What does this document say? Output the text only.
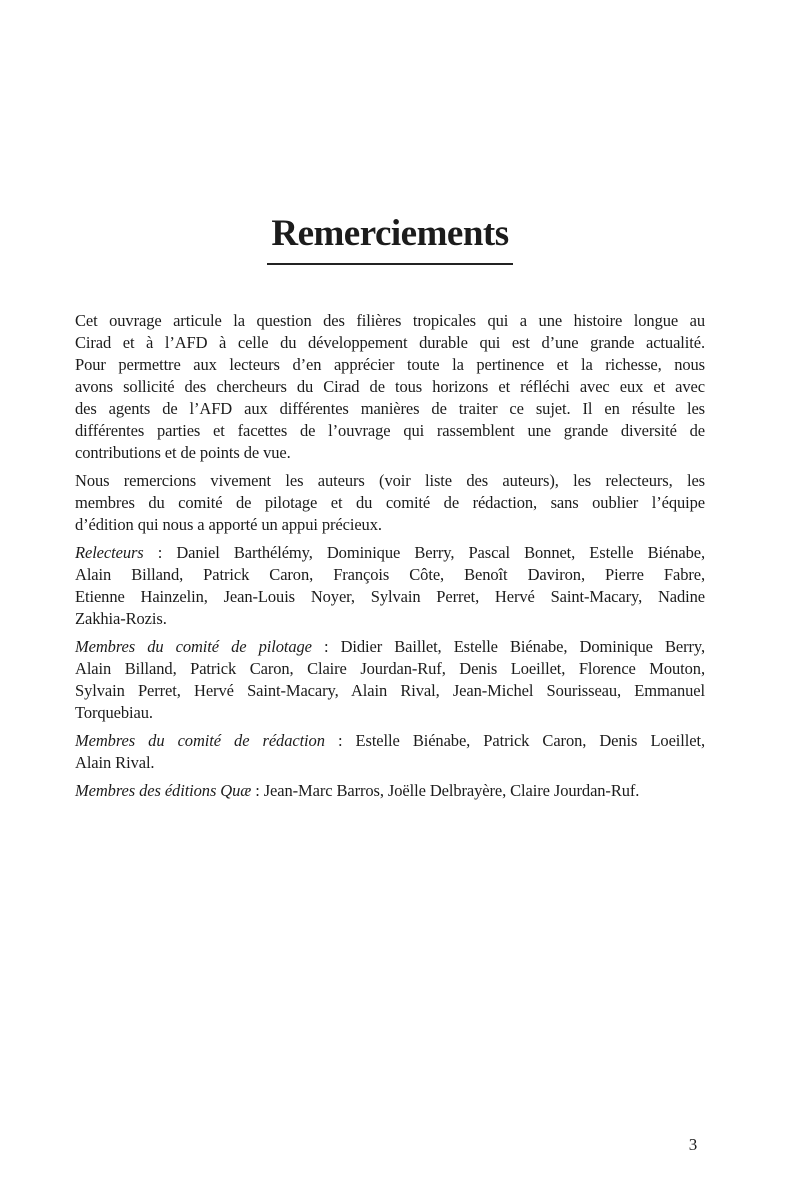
Remerciements
Cet ouvrage articule la question des filières tropicales qui a une histoire longue au
Cirad et à l’AFD à celle du développement durable qui est d’une grande actualité.
Pour permettre aux lecteurs d’en apprécier toute la pertinence et la richesse, nous
avons sollicité des chercheurs du Cirad de tous horizons et réfléchi avec eux et avec
des agents de l’AFD aux différentes manières de traiter ce sujet. Il en résulte les
différentes parties et facettes de l’ouvrage qui rassemblent une grande diversité de
contributions et de points de vue.
Nous remercions vivement les auteurs (voir liste des auteurs), les relecteurs, les
membres du comité de pilotage et du comité de rédaction, sans oublier l’équipe
d’édition qui nous a apporté un appui précieux.
Relecteurs : Daniel Barthélémy, Dominique Berry, Pascal Bonnet, Estelle Biénabe,
Alain Billand, Patrick Caron, François Côte, Benoît Daviron, Pierre Fabre,
Etienne Hainzelin, Jean-Louis Noyer, Sylvain Perret, Hervé Saint-Macary, Nadine
Zakhia-Rozis.
Membres du comité de pilotage : Didier Baillet, Estelle Biénabe, Dominique Berry,
Alain Billand, Patrick Caron, Claire Jourdan-Ruf, Denis Loeillet, Florence Mouton,
Sylvain Perret, Hervé Saint-Macary, Alain Rival, Jean-Michel Sourisseau, Emmanuel
Torquebiau.
Membres du comité de rédaction : Estelle Biénabe, Patrick Caron, Denis Loeillet,
Alain Rival.
Membres des éditions Quæ : Jean-Marc Barros, Joëlle Delbrayère, Claire Jourdan-Ruf.
3
